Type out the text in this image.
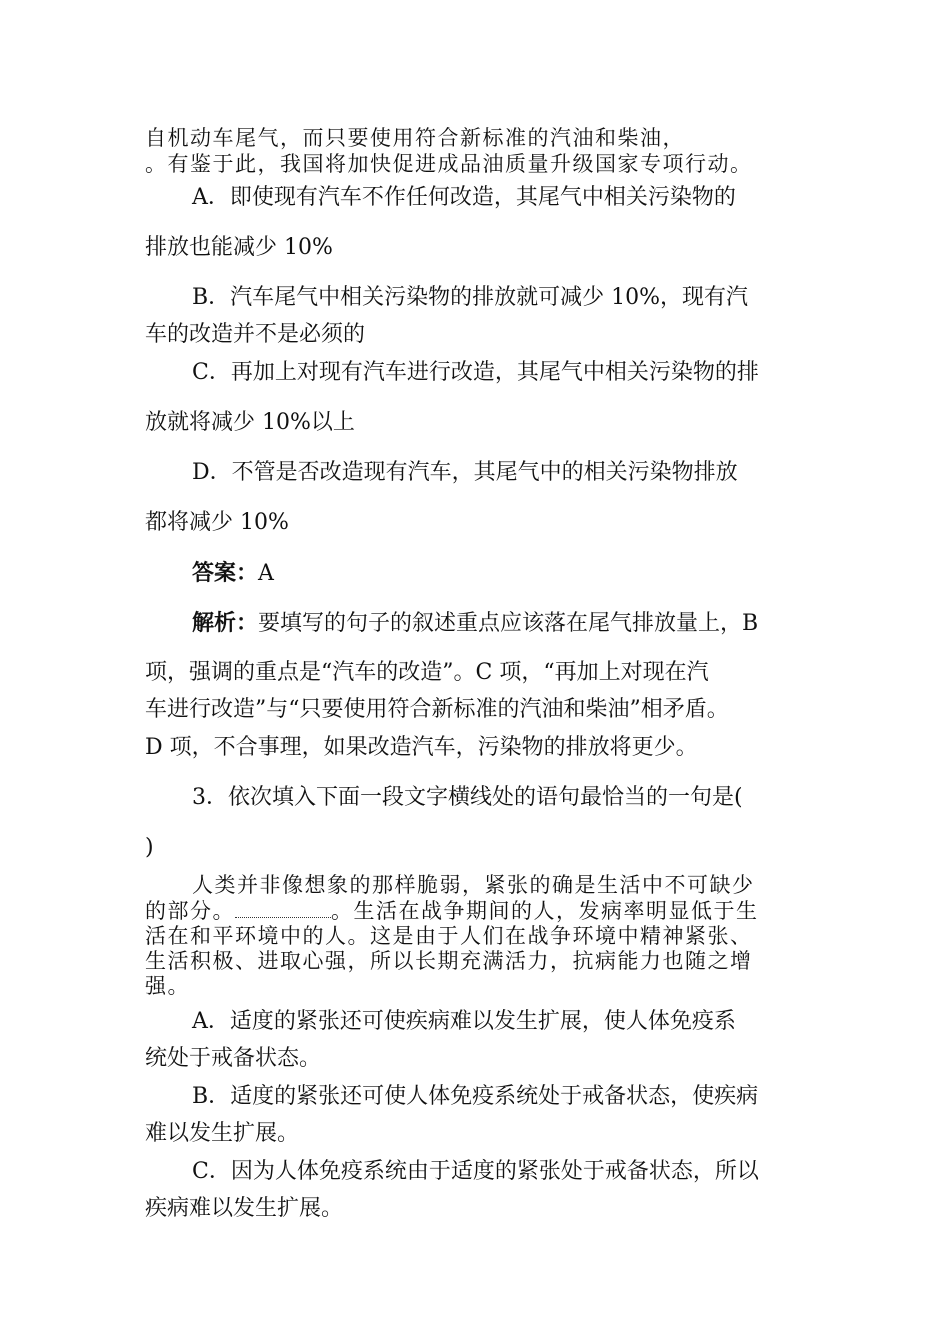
自机动车尾气，而只要使用符合新标准的汽油和柴油，
。有鉴于此，我国将加快促进成品油质量升级国家专项行动。
A．即使现有汽车不作任何改造，其尾气中相关污染物的
排放也能减少 10%
B．汽车尾气中相关污染物的排放就可减少 10%，现有汽
车的改造并不是必须的
C．再加上对现有汽车进行改造，其尾气中相关污染物的排
放就将减少 10%以上
D．不管是否改造现有汽车，其尾气中的相关污染物排放
都将减少 10%
答案：A
解析：要填写的句子的叙述重点应该落在尾气排放量上，B
项，强调的重点是“汽车的改造”。C 项，“再加上对现在汽
车进行改造”与“只要使用符合新标准的汽油和柴油”相矛盾。
D 项，不合事理，如果改造汽车，污染物的排放将更少。
3．依次填入下面一段文字横线处的语句最恰当的一句是(
)
人类并非像想象的那样脆弱，紧张的确是生活中不可缺少
的部分。	。生活在战争期间的人，发病率明显低于生
活在和平环境中的人。这是由于人们在战争环境中精神紧张、
生活积极、进取心强，所以长期充满活力，抗病能力也随之增
强。
A．适度的紧张还可使疾病难以发生扩展，使人体免疫系
统处于戒备状态。
B．适度的紧张还可使人体免疫系统处于戒备状态，使疾病
难以发生扩展。
C．因为人体免疫系统由于适度的紧张处于戒备状态，所以
疾病难以发生扩展。
